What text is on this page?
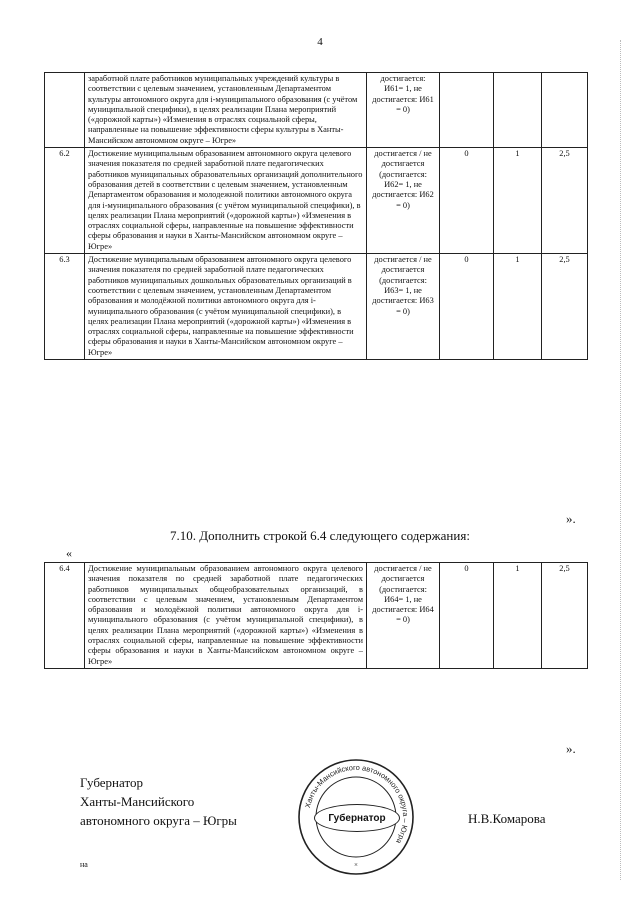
4
	заработной плате работников муниципальных учреждений культуры в соответствии с целевым значением, установленным Департаментом культуры автономного округа для i-муниципального образования (с учётом муниципальной специфики), в целях реализации Плана мероприятий («дорожной карты») «Изменения в отраслях социальной сферы, направленные на повышение эффективности сферы культуры в Ханты-Мансийском автономном округе – Югре»	достигается: И61= 1, не достигается: И61 = 0)			
6.2	Достижение муниципальным образованием автономного округа целевого значения показателя по средней заработной плате педагогических работников муниципальных образовательных организаций дополнительного образования детей в соответствии с целевым значением, установленным Департаментом образования и молодежной политики автономного округа для i-муниципального образования (с учётом муниципальной специфики), в целях реализации Плана мероприятий («дорожной карты») «Изменения в отраслях социальной сферы, направленные на повышение эффективности сферы образования и науки в Ханты-Мансийском автономном округе – Югре»	достигается / не достигается (достигается: И62= 1, не достигается: И62 = 0)	0	1	2,5
6.3	Достижение муниципальным образованием автономного округа целевого значения показателя по средней заработной плате педагогических работников муниципальных дошкольных образовательных организаций в соответствии с целевым значением, установленным Департаментом образования и молодёжной политики автономного округа для i-муниципального образования (с учётом муниципальной специфики), в целях реализации Плана мероприятий («дорожной карты») «Изменения в отраслях социальной сферы, направленные на повышение эффективности сферы образования и науки в Ханты-Мансийском автономном округе – Югре»	достигается / не достигается (достигается: И63= 1, не достигается: И63 = 0)	0	1	2,5
».
7.10. Дополнить строкой 6.4 следующего содержания:
«
6.4	Достижение муниципальным образованием автономного округа целевого значения показателя по средней заработной плате педагогических работников муниципальных общеобразовательных организаций, в соответствии с целевым значением, установленным Департаментом образования и молодёжной политики автономного округа для i-муниципального образования (с учётом муниципальной специфики), в целях реализации Плана мероприятий («дорожной карты») «Изменения в отраслях социальной сферы, направленные на повышение эффективности сферы образования и науки в Ханты-Мансийском автономном округе – Югре»	достигается / не достигается (достигается: И64= 1, не достигается: И64 = 0)	0	1	2,5
».
Губернатор
Ханты-Мансийского
автономного округа – Югры
Ханты-Мансийского автономного округа – Югра
×
Губернатор	Н.В.Комарова
на
